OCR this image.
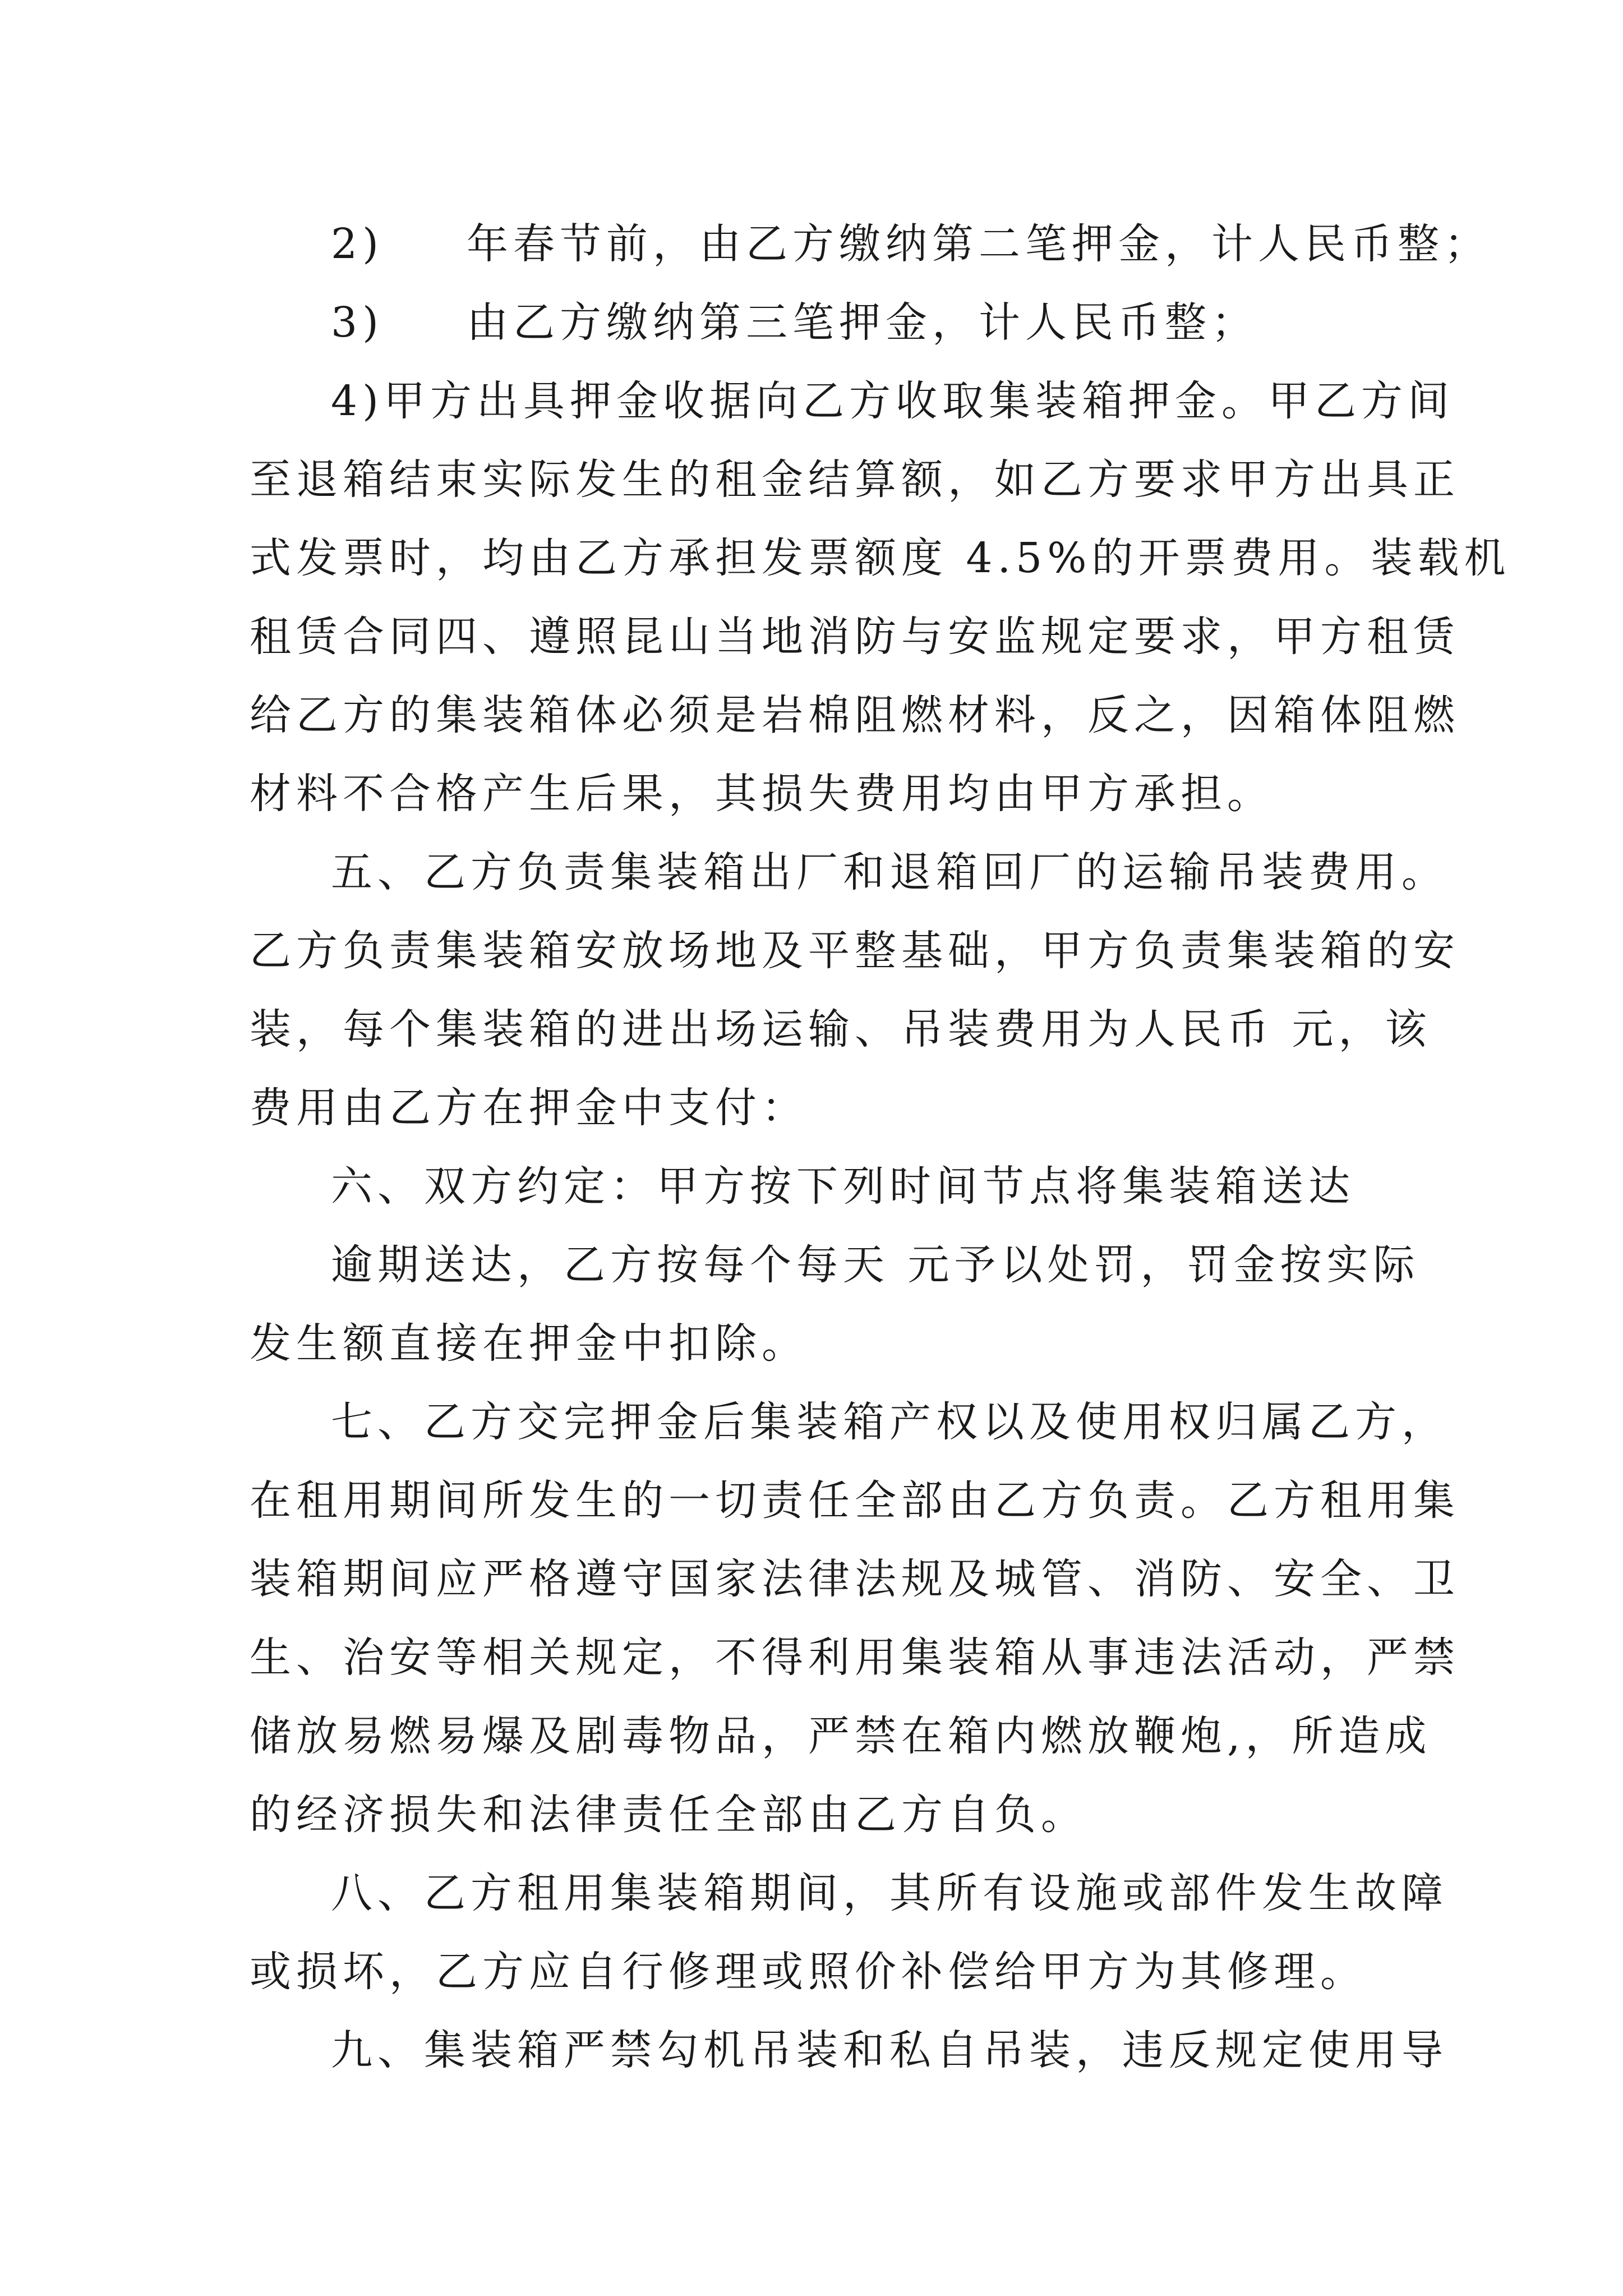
2)　  年春节前，由乙方缴纳第二笔押金，计人民币整；
3)　  由乙方缴纳第三笔押金，计人民币整；
4)甲方出具押金收据向乙方收取集装箱押金。甲乙方间
至退箱结束实际发生的租金结算额，如乙方要求甲方出具正
式发票时，均由乙方承担发票额度 4.5%的开票费用。装载机
租赁合同四、遵照昆山当地消防与安监规定要求，甲方租赁
给乙方的集装箱体必须是岩棉阻燃材料，反之，因箱体阻燃
材料不合格产生后果，其损失费用均由甲方承担。
五、乙方负责集装箱出厂和退箱回厂的运输吊装费用。
乙方负责集装箱安放场地及平整基础，甲方负责集装箱的安
装，每个集装箱的进出场运输、吊装费用为人民币 元，该
费用由乙方在押金中支付：
六、双方约定：甲方按下列时间节点将集装箱送达
逾期送达，乙方按每个每天 元予以处罚，罚金按实际
发生额直接在押金中扣除。
七、乙方交完押金后集装箱产权以及使用权归属乙方，
在租用期间所发生的一切责任全部由乙方负责。乙方租用集
装箱期间应严格遵守国家法律法规及城管、消防、安全、卫
生、治安等相关规定，不得利用集装箱从事违法活动，严禁
储放易燃易爆及剧毒物品，严禁在箱内燃放鞭炮,，所造成
的经济损失和法律责任全部由乙方自负。
八、乙方租用集装箱期间，其所有设施或部件发生故障
或损坏，乙方应自行修理或照价补偿给甲方为其修理。
九、集装箱严禁勾机吊装和私自吊装，违反规定使用导
